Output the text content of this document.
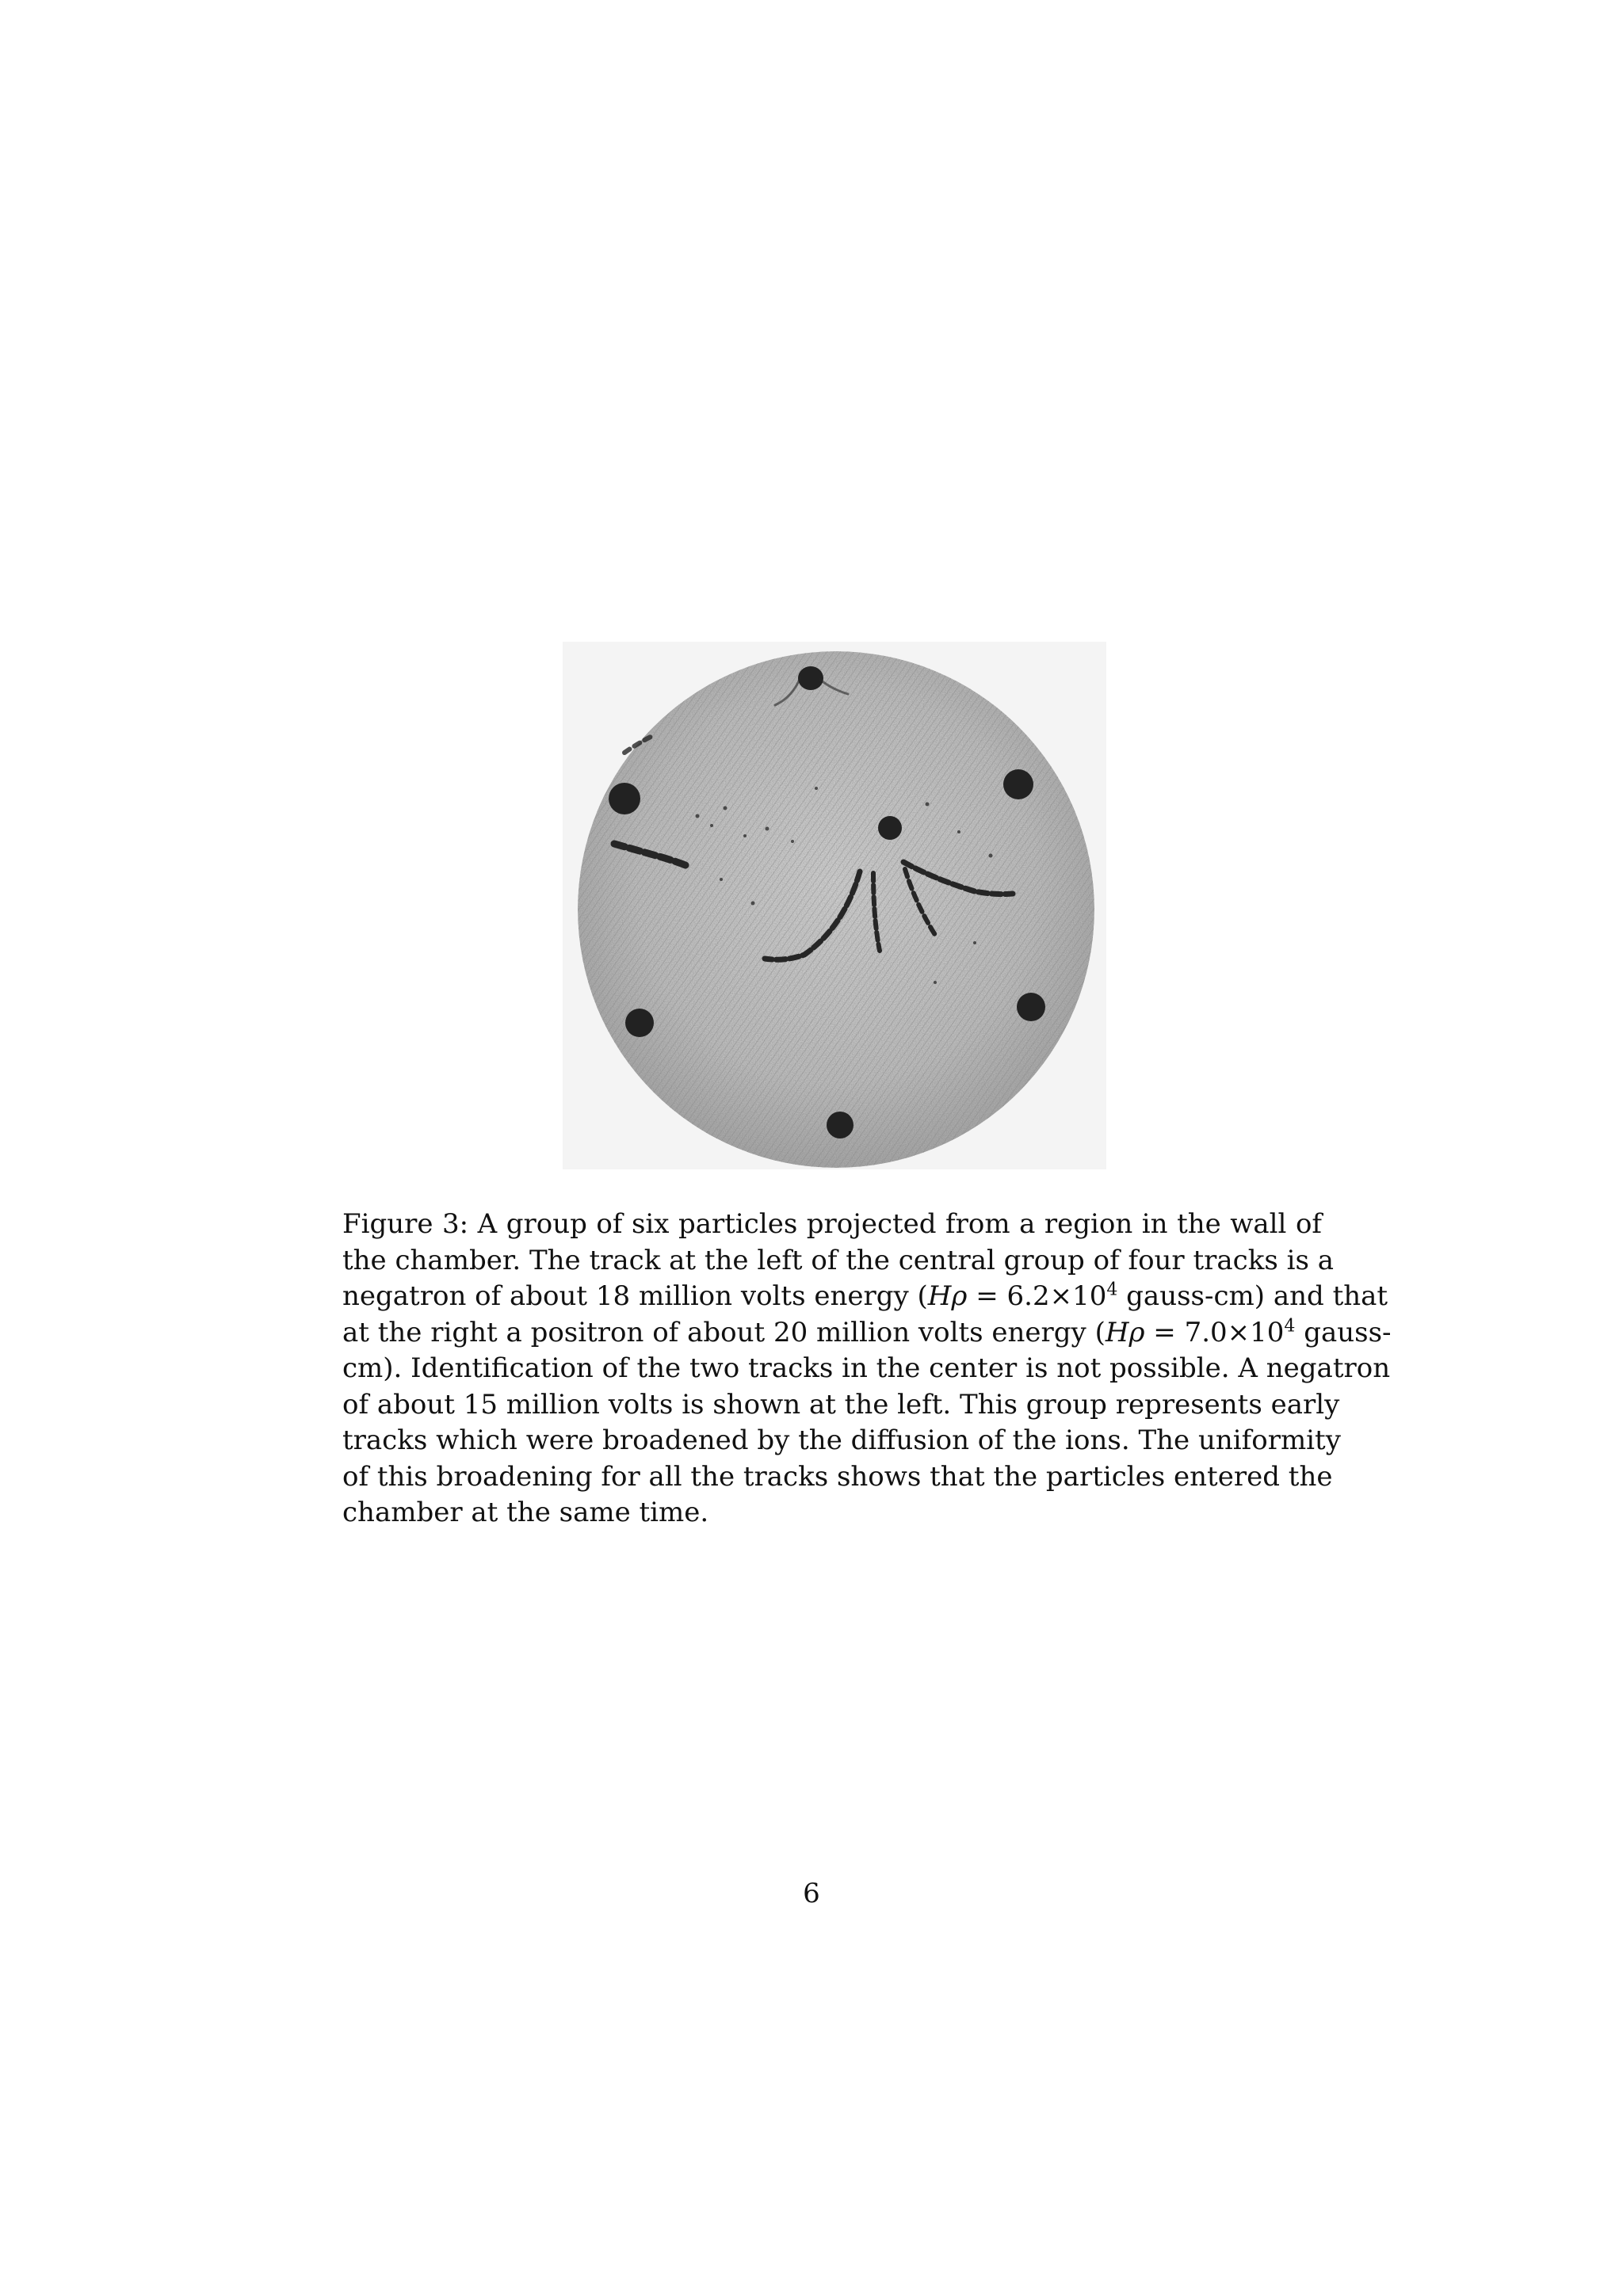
Figure 3: A group of six particles projected from a region in the wall of
the chamber. The track at the left of the central group of four tracks is a
negatron of about 18 million volts energy ($H\rho = 6.2\times 10^4$ gauss-cm) and that
at the right a positron of about 20 million volts energy ($H\rho = 7.0\times 10^4$ gauss-
cm). Identification of the two tracks in the center is not possible. A negatron
of about 15 million volts is shown at the left. This group represents early
tracks which were broadened by the diffusion of the ions. The uniformity
of this broadening for all the tracks shows that the particles entered the
chamber at the same time.
6
